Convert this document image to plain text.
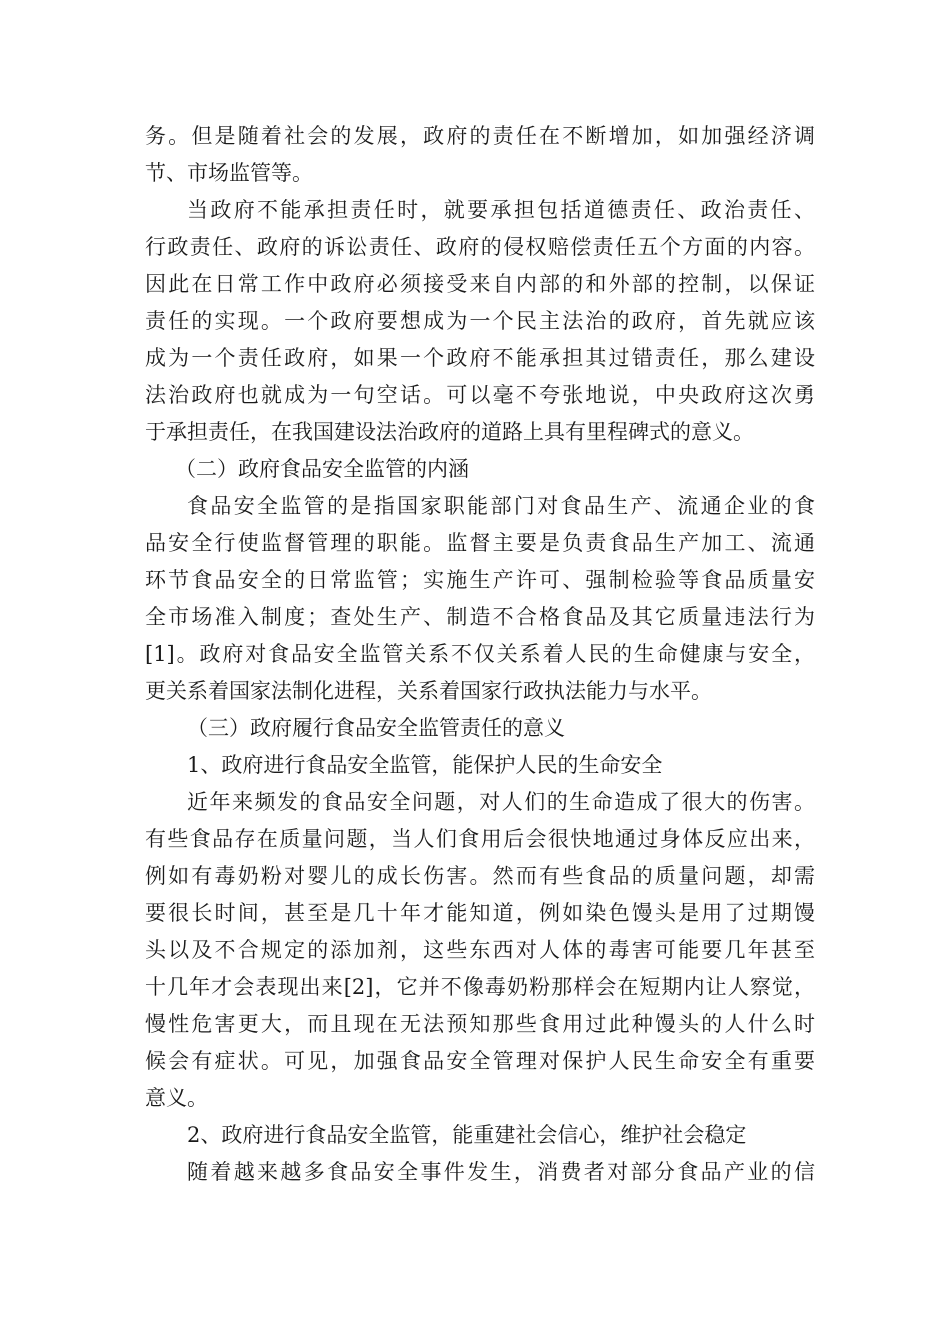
务。但是随着社会的发展，政府的责任在不断增加，如加强经济调
节、市场监管等。
当政府不能承担责任时，就要承担包括道德责任、政治责任、
行政责任、政府的诉讼责任、政府的侵权赔偿责任五个方面的内容。
因此在日常工作中政府必须接受来自内部的和外部的控制，以保证
责任的实现。一个政府要想成为一个民主法治的政府，首先就应该
成为一个责任政府，如果一个政府不能承担其过错责任，那么建设
法治政府也就成为一句空话。可以毫不夸张地说，中央政府这次勇
于承担责任，在我国建设法治政府的道路上具有里程碑式的意义。
（二）政府食品安全监管的内涵
食品安全监管的是指国家职能部门对食品生产、流通企业的食
品安全行使监督管理的职能。监督主要是负责食品生产加工、流通
环节食品安全的日常监管；实施生产许可、强制检验等食品质量安
全市场准入制度；查处生产、制造不合格食品及其它质量违法行为
[1]。政府对食品安全监管关系不仅关系着人民的生命健康与安全，
更关系着国家法制化进程，关系着国家行政执法能力与水平。
（三）政府履行食品安全监管责任的意义
1、政府进行食品安全监管，能保护人民的生命安全
近年来频发的食品安全问题，对人们的生命造成了很大的伤害。
有些食品存在质量问题，当人们食用后会很快地通过身体反应出来，
例如有毒奶粉对婴儿的成长伤害。然而有些食品的质量问题，却需
要很长时间，甚至是几十年才能知道，例如染色馒头是用了过期馒
头以及不合规定的添加剂，这些东西对人体的毒害可能要几年甚至
十几年才会表现出来[2]，它并不像毒奶粉那样会在短期内让人察觉，
慢性危害更大，而且现在无法预知那些食用过此种馒头的人什么时
候会有症状。可见，加强食品安全管理对保护人民生命安全有重要
意义。
2、政府进行食品安全监管，能重建社会信心，维护社会稳定
随着越来越多食品安全事件发生，消费者对部分食品产业的信
